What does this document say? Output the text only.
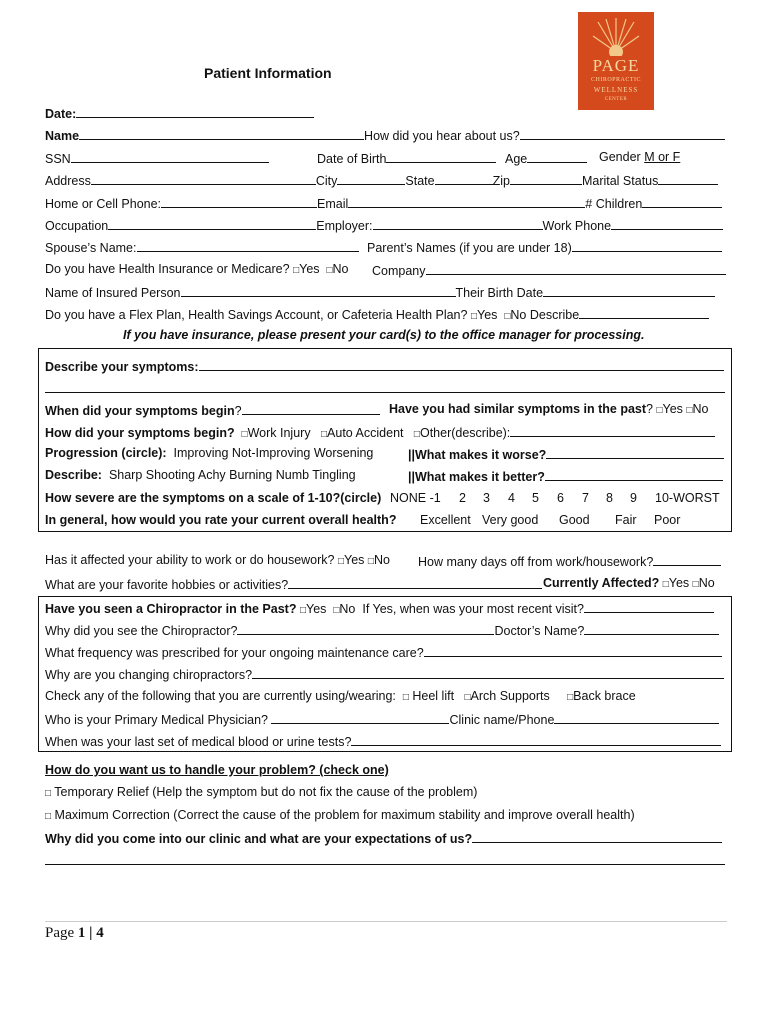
PAGE
CHIROPRACTIC
WELLNESS
CENTER
Patient Information
Date:
Name	How did you hear about us?
SSN	Date of Birth	Age	Gender M or F
Address	City	State	Zip	Marital Status
Home or Cell Phone:	Email	# Children
Occupation	Employer:	Work Phone
Spouse’s Name:	Parent’s Names (if you are under 18)
Do you have Health Insurance or Medicare? □Yes □No Company
Name of Insured Person	Their Birth Date
Do you have a Flex Plan, Health Savings Account, or Cafeteria Health Plan? □Yes □No Describe
If you have insurance, please present your card(s) to the office manager for processing.
Describe your symptoms:
When did your symptoms begin?	Have you had similar symptoms in the past? □Yes □No
How did your symptoms begin? □Work Injury □Auto Accident □Other(describe):
Progression (circle): Improving Not-Improving Worsening	||What makes it worse?
Describe: Sharp Shooting Achy Burning Numb Tingling	||What makes it better?
How severe are the symptoms on a scale of 1-10?(circle) NONE -1 2 3 4 5 6 7 8 9 10-WORST
In general, how would you rate your current overall health? Excellent Very good Good Fair Poor
Has it affected your ability to work or do housework? □Yes □No How many days off from work/housework?
What are your favorite hobbies or activities?	Currently Affected? □Yes □No
Have you seen a Chiropractor in the Past? □Yes □No If Yes, when was your most recent visit?
Why did you see the Chiropractor?	Doctor’s Name?
What frequency was prescribed for your ongoing maintenance care?
Why are you changing chiropractors?
Check any of the following that you are currently using/wearing: □ Heel lift □Arch Supports □Back brace
Who is your Primary Medical Physician?	Clinic name/Phone
When was your last set of medical blood or urine tests?
How do you want us to handle your problem? (check one)
□ Temporary Relief (Help the symptom but do not fix the cause of the problem)
□ Maximum Correction (Correct the cause of the problem for maximum stability and improve overall health)
Why did you come into our clinic and what are your expectations of us?
Page 1 | 4
